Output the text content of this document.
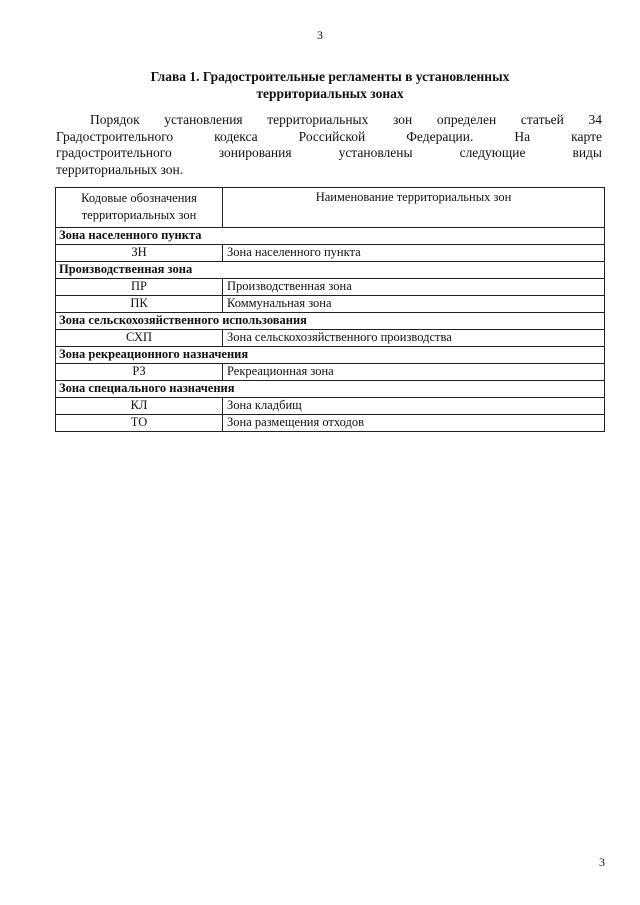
3
Глава 1. Градостроительные регламенты в установленных
территориальных зонах
Порядок установления территориальных зон определен статьей 34
Градостроительного кодекса Российской Федерации. На карте
градостроительного зонирования установлены следующие виды
территориальных зон.
Кодовые обозначения территориальных зон	Наименование территориальных зон
Зона населенного пункта	
ЗН	Зона населенного пункта
Производственная зона	
ПР	Производственная зона
ПК	Коммунальная зона
Зона сельскохозяйственного использования	
СХП	Зона сельскохозяйственного производства
Зона рекреационного назначения	
РЗ	Рекреационная зона
Зона специального назначения	
КЛ	Зона кладбищ
ТО	Зона размещения отходов
3
